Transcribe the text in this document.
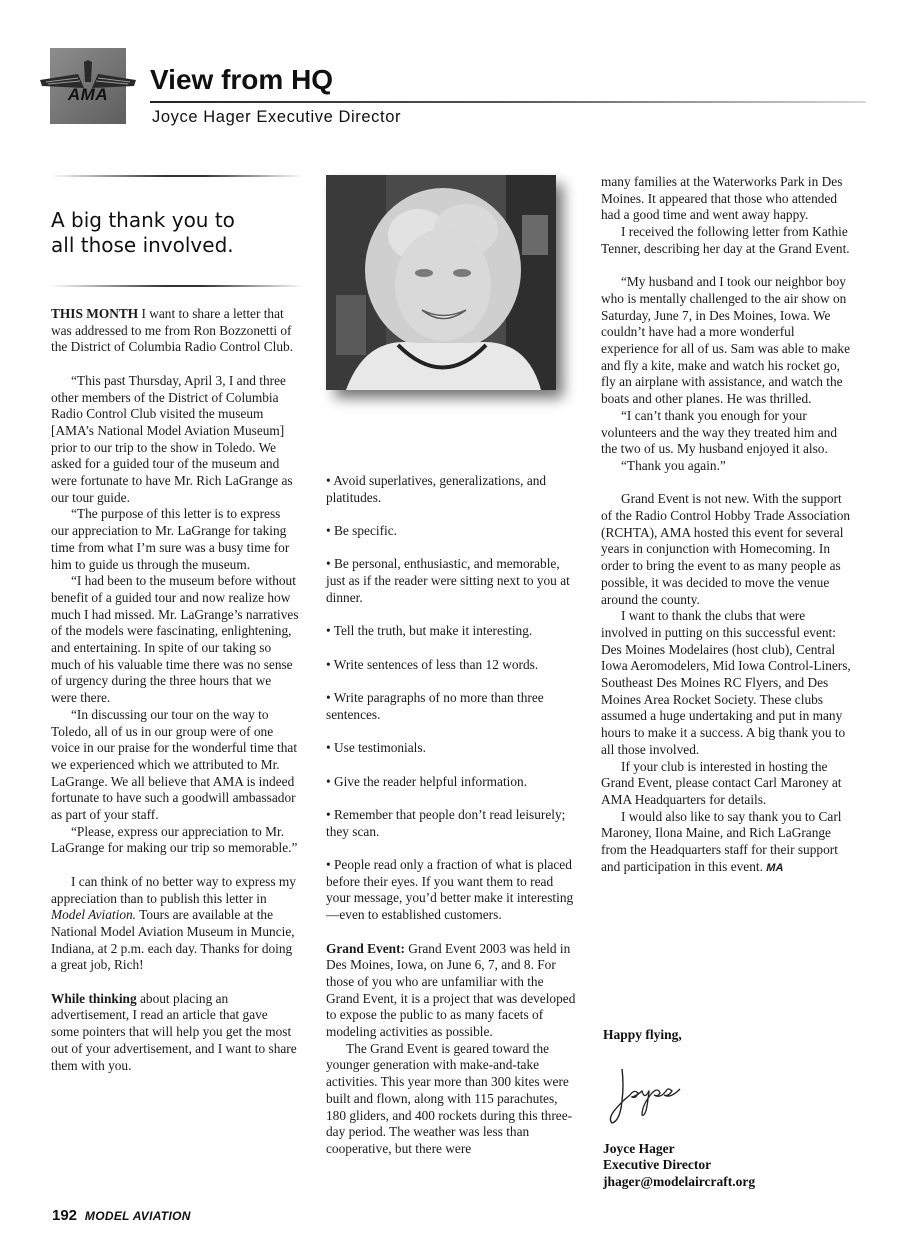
AMA	View from HQ
Joyce Hager Executive Director
A big thank you to
all those involved.

THIS MONTH I want to share a letter that was addressed to me from Ron Bozzonetti of the District of Columbia Radio Control Club.

“This past Thursday, April 3, I and three other members of the District of Columbia Radio Control Club visited the museum [AMA’s National Model Aviation Museum] prior to our trip to the show in Toledo. We asked for a guided tour of the museum and were fortunate to have Mr. Rich LaGrange as our tour guide.

“The purpose of this letter is to express our appreciation to Mr. LaGrange for taking time from what I’m sure was a busy time for him to guide us through the museum.

“I had been to the museum before without benefit of a guided tour and now realize how much I had missed. Mr. LaGrange’s narratives of the models were fascinating, enlightening, and entertaining. In spite of our taking so much of his valuable time there was no sense of urgency during the three hours that we were there.

“In discussing our tour on the way to Toledo, all of us in our group were of one voice in our praise for the wonderful time that we experienced which we attributed to Mr. LaGrange. We all believe that AMA is indeed fortunate to have such a goodwill ambassador as part of your staff.

“Please, express our appreciation to Mr. LaGrange for making our trip so memorable.”

I can think of no better way to express my appreciation than to publish this letter in Model Aviation. Tours are available at the National Model Aviation Museum in Muncie, Indiana, at 2 p.m. each day. Thanks for doing a great job, Rich!

While thinking about placing an advertisement, I read an article that gave some pointers that will help you get the most out of your advertisement, and I want to share them with you.

• Avoid superlatives, generalizations, and platitudes.

• Be specific.

• Be personal, enthusiastic, and memorable, just as if the reader were sitting next to you at dinner.

• Tell the truth, but make it interesting.

• Write sentences of less than 12 words.

• Write paragraphs of no more than three sentences.

• Use testimonials.

• Give the reader helpful information.

• Remember that people don’t read leisurely; they scan.

• People read only a fraction of what is placed before their eyes. If you want them to read your message, you’d better make it interesting—even to established customers.

Grand Event: Grand Event 2003 was held in Des Moines, Iowa, on June 6, 7, and 8. For those of you who are unfamiliar with the Grand Event, it is a project that was developed to expose the public to as many facets of modeling activities as possible.

The Grand Event is geared toward the younger generation with make-and-take activities. This year more than 300 kites were built and flown, along with 115 parachutes, 180 gliders, and 400 rockets during this three-day period. The weather was less than cooperative, but there were

many families at the Waterworks Park in Des Moines. It appeared that those who attended had a good time and went away happy.

I received the following letter from Kathie Tenner, describing her day at the Grand Event.

“My husband and I took our neighbor boy who is mentally challenged to the air show on Saturday, June 7, in Des Moines, Iowa. We couldn’t have had a more wonderful experience for all of us. Sam was able to make and fly a kite, make and watch his rocket go, fly an airplane with assistance, and watch the boats and other planes. He was thrilled.

“I can’t thank you enough for your volunteers and the way they treated him and the two of us. My husband enjoyed it also.

“Thank you again.”

Grand Event is not new. With the support of the Radio Control Hobby Trade Association (RCHTA), AMA hosted this event for several years in conjunction with Homecoming. In order to bring the event to as many people as possible, it was decided to move the venue around the county.

I want to thank the clubs that were involved in putting on this successful event: Des Moines Modelaires (host club), Central Iowa Aeromodelers, Mid Iowa Control-Liners, Southeast Des Moines RC Flyers, and Des Moines Area Rocket Society. These clubs assumed a huge undertaking and put in many hours to make it a success. A big thank you to all those involved.

If your club is interested in hosting the Grand Event, please contact Carl Maroney at AMA Headquarters for details.

I would also like to say thank you to Carl Maroney, Ilona Maine, and Rich LaGrange from the Headquarters staff for their support and participation in this event. MA

Happy flying,
Joyce Hager
Executive Director
jhager@modelaircraft.org
192 MODEL AVIATION
